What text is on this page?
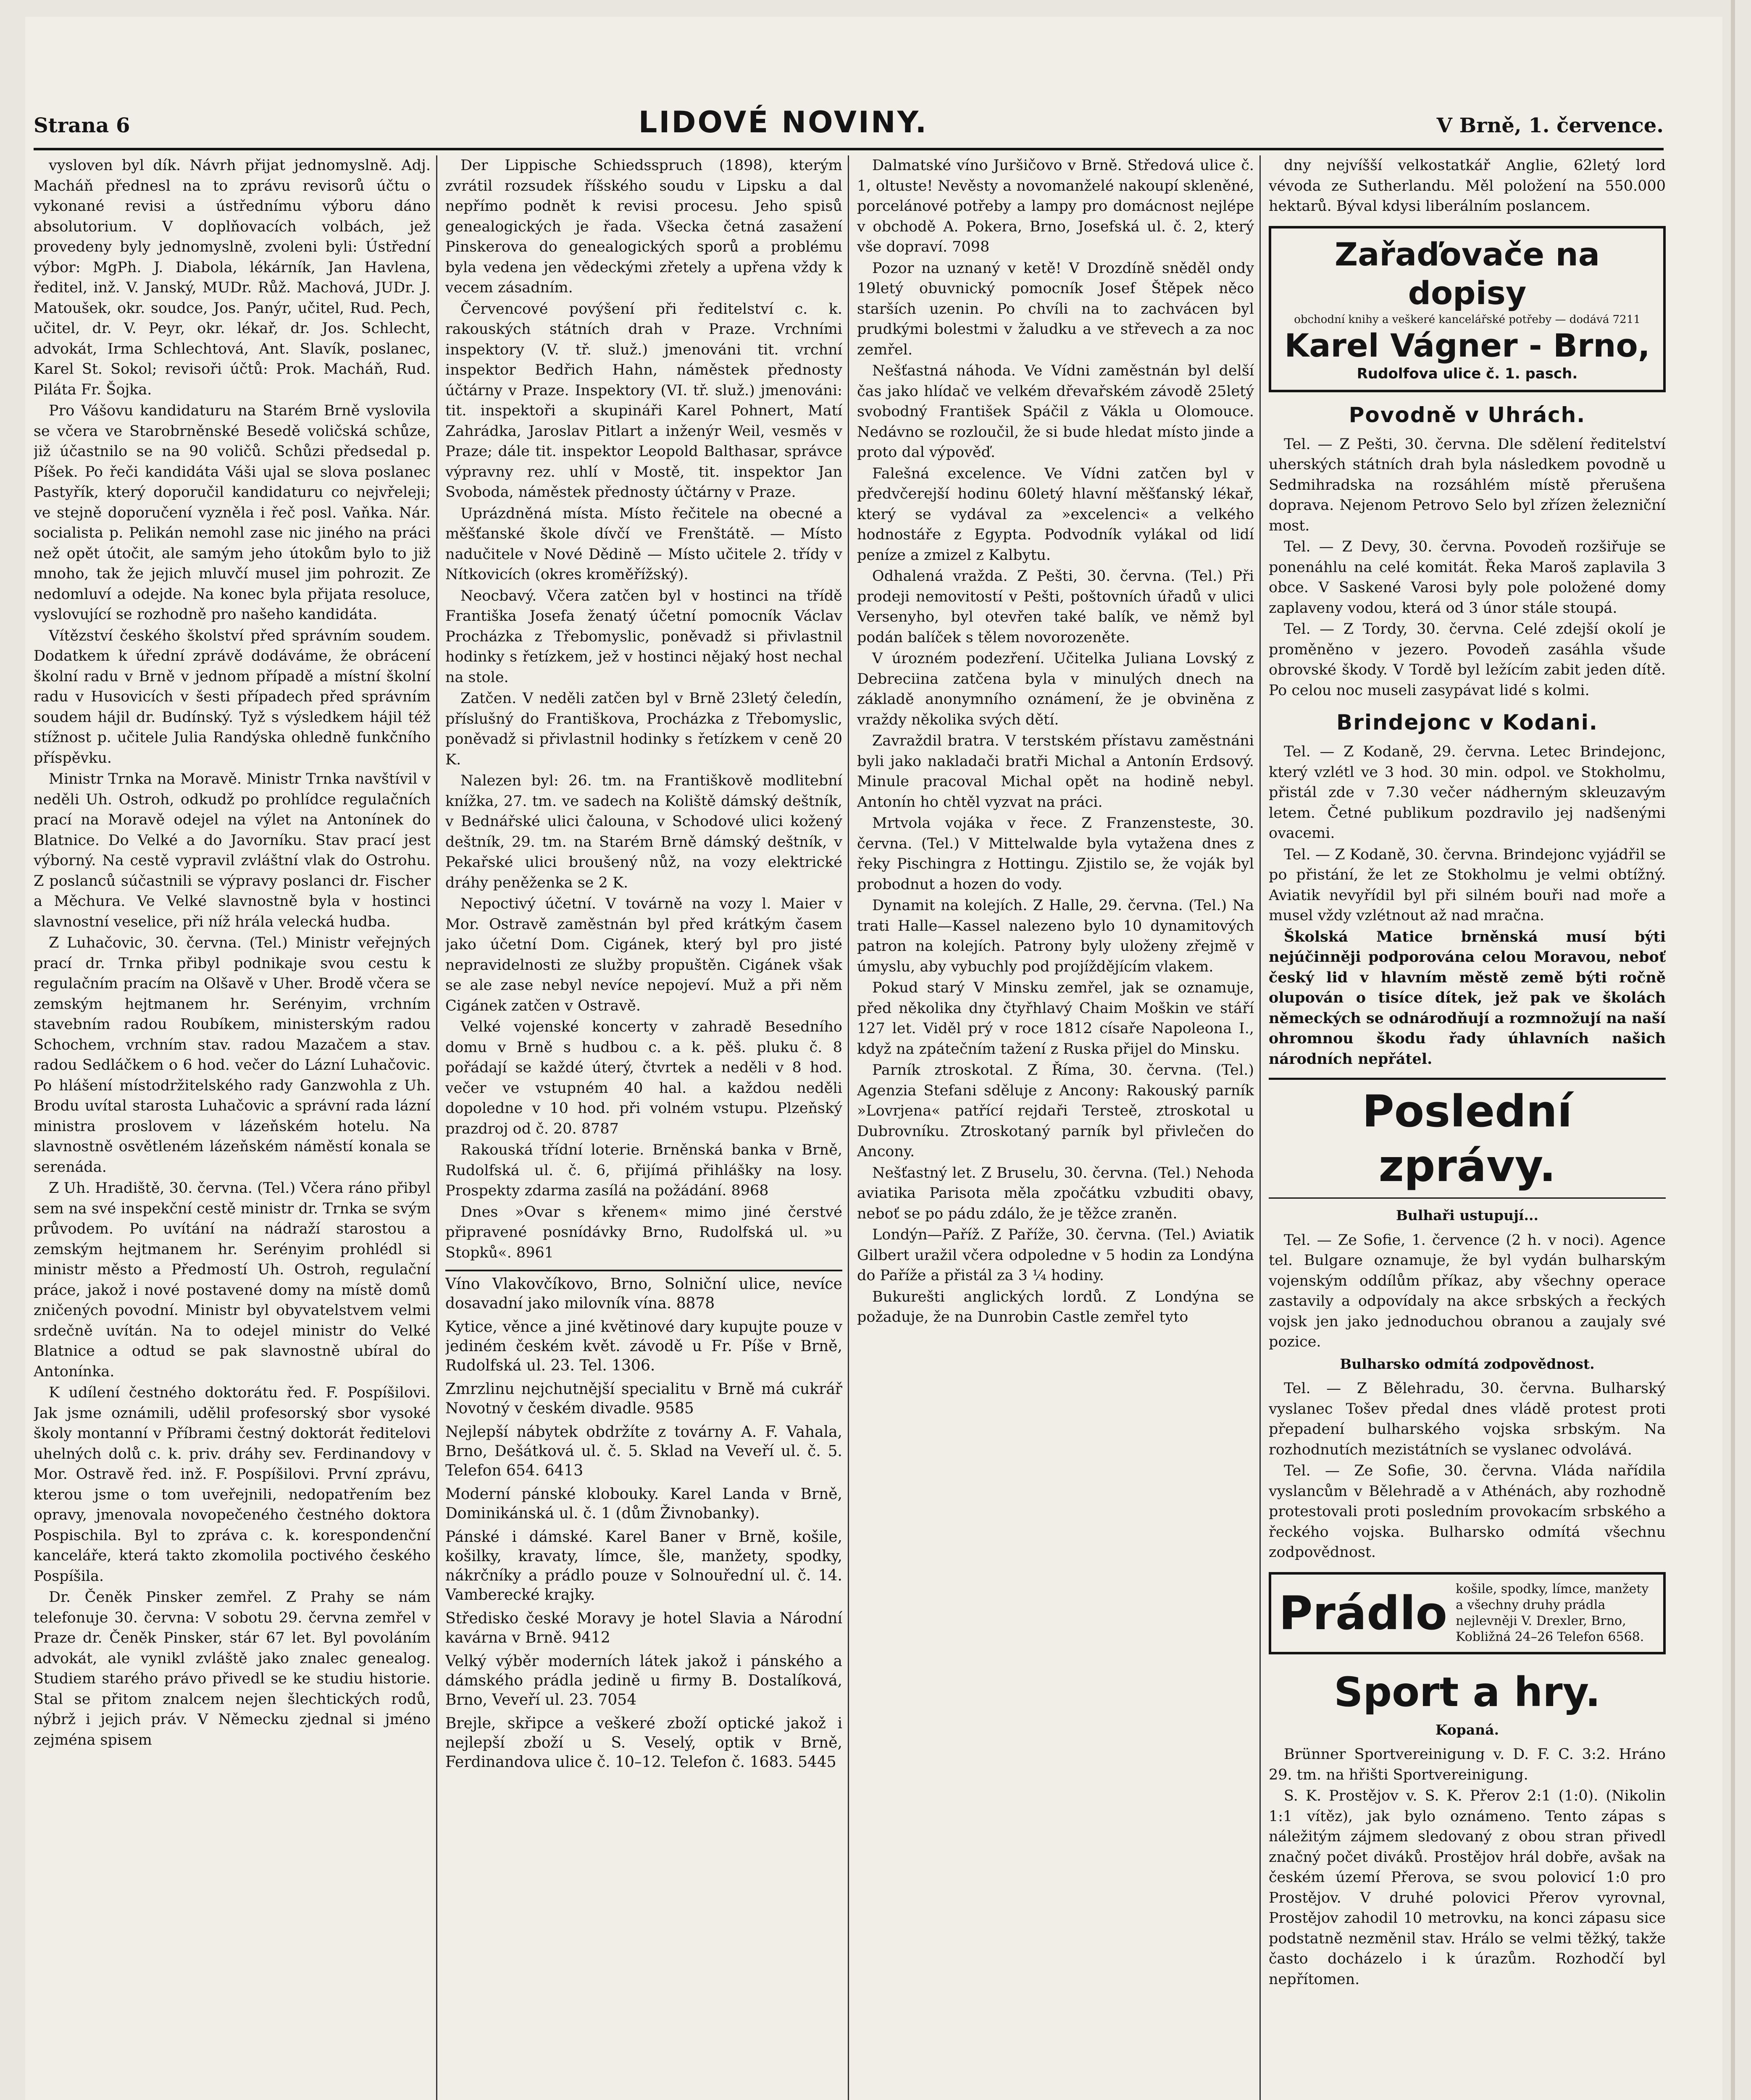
Strana 6	LIDOVÉ NOVINY.	V Brně, 1. července.

vysloven byl dík. Návrh přijat jednomyslně. Adj. Macháň přednesl na to zprávu revisorů účtu o vykonané revisi a ústřednímu výboru dáno absolutorium. V doplňovacích volbách, jež provedeny byly jednomyslně, zvoleni byli: Ústřední výbor: MgPh. J. Diabola, lékárník, Jan Havlena, ředitel, inž. V. Janský, MUDr. Růž. Machová, JUDr. J. Matoušek, okr. soudce, Jos. Panýr, učitel, Rud. Pech, učitel, dr. V. Peyr, okr. lékař, dr. Jos. Schlecht, advokát, Irma Schlechtová, Ant. Slavík, poslanec, Karel St. Sokol; revisoři účtů: Prok. Macháň, Rud. Piláta Fr. Šojka.

Pro Vášovu kandidaturu na Starém Brně vyslovila se včera ve Starobrněnské Besedě voličská schůze, již účastnilo se na 90 voličů. Schůzi předsedal p. Píšek. Po řeči kandidáta Váši ujal se slova poslanec Pastyřík, který doporučil kandidaturu co nejvřeleji; ve stejně doporučení vyzněla i řeč posl. Vaňka. Nár. socialista p. Pelikán nemohl zase nic jiného na práci než opět útočit, ale samým jeho útokům bylo to již mnoho, tak že jejich mluvčí musel jim pohrozit. Ze nedomluví a odejde. Na konec byla přijata resoluce, vyslovující se rozhodně pro našeho kandidáta.

Vítězství českého školství před správním soudem. Dodatkem k úřední zprávě dodáváme, že obrácení školní radu v Brně v jednom případě a místní školní radu v Husovicích v šesti případech před správním soudem hájil dr. Budínský. Tyž s výsledkem hájil též stížnost p. učitele Julia Randýska ohledně funkčního příspěvku.

Ministr Trnka na Moravě. Ministr Trnka navštívil v neděli Uh. Ostroh, odkudž po prohlídce regulačních prací na Moravě odejel na výlet na Antonínek do Blatnice. Do Velké a do Javorníku. Stav prací jest výborný. Na cestě vypravil zvláštní vlak do Ostrohu. Z poslanců súčastnili se výpravy poslanci dr. Fischer a Měchura. Ve Velké slavnostně byla v hostinci slavnostní veselice, při níž hrála velecká hudba.

Z Luhačovic, 30. června. (Tel.) Ministr veřejných prací dr. Trnka přibyl podnikaje svou cestu k regulačním pracím na Olšavě v Uher. Brodě včera se zemským hejtmanem hr. Serényim, vrchním stavebním radou Roubíkem, ministerským radou Schochem, vrchním stav. radou Mazačem a stav. radou Sedláčkem o 6 hod. večer do Lázní Luhačovic. Po hlášení místodržitelského rady Ganzwohla z Uh. Brodu uvítal starosta Luhačovic a správní rada lázní ministra proslovem v lázeňském hotelu. Na slavnostně osvětleném lázeňském náměstí konala se serenáda.

Z Uh. Hradiště, 30. června. (Tel.) Včera ráno přibyl sem na své inspekční cestě ministr dr. Trnka se svým průvodem. Po uvítání na nádraží starostou a zemským hejtmanem hr. Serényim prohlédl si ministr město a Předmostí Uh. Ostroh, regulační práce, jakož i nové postavené domy na místě domů zničených povodní. Ministr byl obyvatelstvem velmi srdečně uvítán. Na to odejel ministr do Velké Blatnice a odtud se pak slavnostně ubíral do Antonínka.

K udílení čestného doktorátu řed. F. Pospíšilovi. Jak jsme oznámili, udělil profesorský sbor vysoké školy montanní v Příbrami čestný doktorát ředitelovi uhelných dolů c. k. priv. dráhy sev. Ferdinandovy v Mor. Ostravě řed. inž. F. Pospíšilovi. První zprávu, kterou jsme o tom uveřejnili, nedopatřením bez opravy, jmenovala novopečeného čestného doktora Pospischila. Byl to zpráva c. k. korespondenční kanceláře, která takto zkomolila poctivého českého Pospíšila.

Dr. Čeněk Pinsker zemřel. Z Prahy se nám telefonuje 30. června: V sobotu 29. června zemřel v Praze dr. Čeněk Pinsker, stár 67 let. Byl povoláním advokát, ale vynikl zvláště jako znalec genealog. Studiem starého právo přivedl se ke studiu historie. Stal se přitom znalcem nejen šlechtických rodů, nýbrž i jejich práv. V Německu zjednal si jméno zejména spisem

Der Lippische Schiedsspruch (1898), kterým zvrátil rozsudek říšského soudu v Lipsku a dal nepřímo podnět k revisi procesu. Jeho spisů genealogických je řada. Všecka četná zasažení Pinskerova do genealogických sporů a problému byla vedena jen vědeckými zřetely a upřena vždy k vecem zásadním.

Červencové povýšení při ředitelství c. k. rakouských státních drah v Praze. Vrchními inspektory (V. tř. služ.) jmenováni tit. vrchní inspektor Bedřich Hahn, náměstek přednosty účtárny v Praze. Inspektory (VI. tř. služ.) jmenováni: tit. inspektoři a skupináři Karel Pohnert, Matí Zahrádka, Jaroslav Pitlart a inženýr Weil, vesměs v Praze; dále tit. inspektor Leopold Balthasar, správce výpravny rez. uhlí v Mostě, tit. inspektor Jan Svoboda, náměstek přednosty účtárny v Praze.

Uprázdněná místa. Místo řečitele na obecné a měšťanské škole dívčí ve Frenštátě. — Místo nadučitele v Nové Dědině — Místo učitele 2. třídy v Nítkovicích (okres kroměřížský).

Neocbavý. Včera zatčen byl v hostinci na třídě Františka Josefa ženatý účetní pomocník Václav Procházka z Třebomyslic, poněvadž si přivlastnil hodinky s řetízkem, jež v hostinci nějaký host nechal na stole.

Zatčen. V neděli zatčen byl v Brně 23letý čeledín, příslušný do Františkova, Procházka z Třebomyslic, poněvadž si přivlastnil hodinky s řetízkem v ceně 20 K.

Nalezen byl: 26. tm. na Františkově modlitební knížka, 27. tm. ve sadech na Koliště dámský deštník, v Bednářské ulici čalouna, v Schodové ulici kožený deštník, 29. tm. na Starém Brně dámský deštník, v Pekařské ulici broušený nůž, na vozy elektrické dráhy peněženka se 2 K.

Nepoctivý účetní. V továrně na vozy l. Maier v Mor. Ostravě zaměstnán byl před krátkým časem jako účetní Dom. Cigánek, který byl pro jisté nepravidelnosti ze služby propuštěn. Cigánek však se ale zase nebyl nevíce nepojeví. Muž a při něm Cigánek zatčen v Ostravě.

Velké vojenské koncerty v zahradě Besedního domu v Brně s hudbou c. a k. pěš. pluku č. 8 pořádají se každé úterý, čtvrtek a neděli v 8 hod. večer ve vstupném 40 hal. a každou neděli dopoledne v 10 hod. při volném vstupu. Plzeňský prazdroj od č. 20. 8787

Rakouská třídní loterie. Brněnská banka v Brně, Rudolfská ul. č. 6, přijímá přihlášky na losy. Prospekty zdarma zasílá na požádání. 8968

Dnes »Ovar s křenem« mimo jiné čerstvé připravené posnídávky Brno, Rudolfská ul. »u Stopků«. 8961

Víno Vlakovčíkovo, Brno, Solniční ulice, nevíce dosavadní jako milovník vína. 8878

Kytice, věnce a jiné květinové dary kupujte pouze v jediném českém květ. závodě u Fr. Píše v Brně, Rudolfská ul. 23. Tel. 1306.

Zmrzlinu nejchutnější specialitu v Brně má cukrář Novotný v českém divadle. 9585

Nejlepší nábytek obdržíte z továrny A. F. Vahala, Brno, Dešátková ul. č. 5. Sklad na Veveří ul. č. 5. Telefon 654. 6413

Moderní pánské klobouky. Karel Landa v Brně, Dominikánská ul. č. 1 (dům Živnobanky).

Pánské i dámské. Karel Baner v Brně, košile, košilky, kravaty, límce, šle, manžety, spodky, nákrčníky a prádlo pouze v Solnouřední ul. č. 14. Vamberecké krajky.

Středisko české Moravy je hotel Slavia a Národní kavárna v Brně. 9412

Velký výběr moderních látek jakož i pánského a dámského prádla jedině u firmy B. Dostalíková, Brno, Veveří ul. 23. 7054

Brejle, skřipce a veškeré zboží optické jakož i nejlepší zboží u S. Veselý, optik v Brně, Ferdinandova ulice č. 10–12. Telefon č. 1683. 5445

Dalmatské víno Juršičovo v Brně. Středová ulice č. 1, oltuste! Nevěsty a novomanželé nakoupí skleněné, porcelánové potřeby a lampy pro domácnost nejlépe v obchodě A. Pokera, Brno, Josefská ul. č. 2, který vše dopraví. 7098

Pozor na uznaný v ketě! V Drozdíně sněděl ondy 19letý obuvnický pomocník Josef Štěpek něco starších uzenin. Po chvíli na to zachvácen byl prudkými bolestmi v žaludku a ve střevech a za noc zemřel.

Nešťastná náhoda. Ve Vídni zaměstnán byl delší čas jako hlídač ve velkém dřevařském závodě 25letý svobodný František Spáčil z Vákla u Olomouce. Nedávno se rozloučil, že si bude hledat místo jinde a proto dal výpověď.

Falešná excelence. Ve Vídni zatčen byl v předvčerejší hodinu 60letý hlavní měšťanský lékař, který se vydával za »excelenci« a velkého hodnostáře z Egypta. Podvodník vylákal od lidí peníze a zmizel z Kalbytu.

Odhalená vražda. Z Pešti, 30. června. (Tel.) Při prodeji nemovitostí v Pešti, poštovních úřadů v ulici Versenyho, byl otevřen také balík, ve němž byl podán balíček s tělem novorozeněte.

V úrozném podezření. Učitelka Juliana Lovský z Debreciina zatčena byla v minulých dnech na základě anonymního oznámení, že je obviněna z vraždy několika svých dětí.

Zavraždil bratra. V terstském přístavu zaměstnáni byli jako nakladači bratři Michal a Antonín Erdsový. Minule pracoval Michal opět na hodině nebyl. Antonín ho chtěl vyzvat na práci.

Mrtvola vojáka v řece. Z Franzensteste, 30. června. (Tel.) V Mittelwalde byla vytažena dnes z řeky Pischingra z Hottingu. Zjistilo se, že voják byl probodnut a hozen do vody.

Dynamit na kolejích. Z Halle, 29. června. (Tel.) Na trati Halle—Kassel nalezeno bylo 10 dynamitových patron na kolejích. Patrony byly uloženy zřejmě v úmyslu, aby vybuchly pod projíždějícím vlakem.

Pokud starý V Minsku zemřel, jak se oznamuje, před několika dny čtyřhlavý Chaim Moškin ve stáří 127 let. Viděl prý v roce 1812 císaře Napoleona I., když na zpátečním tažení z Ruska přijel do Minsku.

Parník ztroskotal. Z Říma, 30. června. (Tel.) Agenzia Stefani sděluje z Ancony: Rakouský parník »Lovrjena« patřící rejdaři Tersteě, ztroskotal u Dubrovníku. Ztroskotaný parník byl přivlečen do Ancony.

Nešťastný let. Z Bruselu, 30. června. (Tel.) Nehoda aviatika Parisota měla zpočátku vzbuditi obavy, neboť se po pádu zdálo, že je těžce zraněn.

Londýn—Paříž. Z Paříže, 30. června. (Tel.) Aviatik Gilbert uražil včera odpoledne v 5 hodin za Londýna do Paříže a přistál za 3 ¼ hodiny.

Bukurešti anglických lordů. Z Londýna se požaduje, že na Dunrobin Castle zemřel tyto

dny nejvíšší velkostatkář Anglie, 62letý lord vévoda ze Sutherlandu. Měl položení na 550.000 hektarů. Býval kdysi liberálním poslancem.

Zařaďovače na dopisy
obchodní knihy a veškeré kancelářské potřeby — dodává 7211
Karel Vágner - Brno,
Rudolfova ulice č. 1. pasch.
Povodně v Uhrách.

Tel. — Z Pešti, 30. června. Dle sdělení ředitelství uherských státních drah byla následkem povodně u Sedmihradska na rozsáhlém místě přerušena doprava. Nejenom Petrovo Selo byl zřízen železniční most.

Tel. — Z Devy, 30. června. Povodeň rozšiřuje se ponenáhlu na celé komitát. Řeka Maroš zaplavila 3 obce. V Saskené Varosi byly pole položené domy zaplaveny vodou, která od 3 únor stále stoupá.

Tel. — Z Tordy, 30. června. Celé zdejší okolí je proměněno v jezero. Povodeň zasáhla všude obrovské škody. V Tordě byl ležícím zabit jeden dítě. Po celou noc museli zasypávat lidé s kolmi.

Brindejonc v Kodani.

Tel. — Z Kodaně, 29. června. Letec Brindejonc, který vzlétl ve 3 hod. 30 min. odpol. ve Stokholmu, přistál zde v 7.30 večer nádherným skleuzavým letem. Četné publikum pozdravilo jej nadšenými ovacemi.

Tel. — Z Kodaně, 30. června. Brindejonc vyjádřil se po přistání, že let ze Stokholmu je velmi obtížný. Aviatik nevyřídil byl při silném bouři nad moře a musel vždy vzlétnout až nad mračna.

Školská Matice brněnská musí býti nejúčinněji podporována celou Moravou, neboť český lid v hlavním městě země býti ročně olupován o tisíce dítek, jež pak ve školách německých se odnárodňují a rozmnožují na naší ohromnou škodu řady úhlavních našich národních nepřátel.

Poslední zprávy.
Bulhaři ustupují...

Tel. — Ze Sofie, 1. července (2 h. v noci). Agence tel. Bulgare oznamuje, že byl vydán bulharským vojenským oddílům příkaz, aby všechny operace zastavily a odpovídaly na akce srbských a řeckých vojsk jen jako jednoduchou obranou a zaujaly své pozice.

Bulharsko odmítá zodpovědnost.

Tel. — Z Bělehradu, 30. června. Bulharský vyslanec Tošev předal dnes vládě protest proti přepadení bulharského vojska srbským. Na rozhodnutích mezistátních se vyslanec odvolává.

Tel. — Ze Sofie, 30. června. Vláda nařídila vyslancům v Bělehradě a v Athénách, aby rozhodně protestovali proti posledním provokacím srbského a řeckého vojska. Bulharsko odmítá všechnu zodpovědnost.

Prádlo košile, spodky, límce, manžety a všechny druhy prádla nejlevněji V. Drexler, Brno, Kobližná 24–26 Telefon 6568.
Sport a hry.
Kopaná.

Brünner Sportvereinigung v. D. F. C. 3:2. Hráno 29. tm. na hřišti Sportvereinigung.

S. K. Prostějov v. S. K. Přerov 2:1 (1:0). (Nikolin 1:1 vítěz), jak bylo oznámeno. Tento zápas s náležitým zájmem sledovaný z obou stran přivedl značný počet diváků. Prostějov hrál dobře, avšak na českém území Přerova, se svou polovicí 1:0 pro Prostějov. V druhé polovici Přerov vyrovnal, Prostějov zahodil 10 metrovku, na konci zápasu sice podstatně nezměnil stav. Hrálo se velmi těžký, takže často docházelo i k úrazům. Rozhodčí byl nepřítomen.
